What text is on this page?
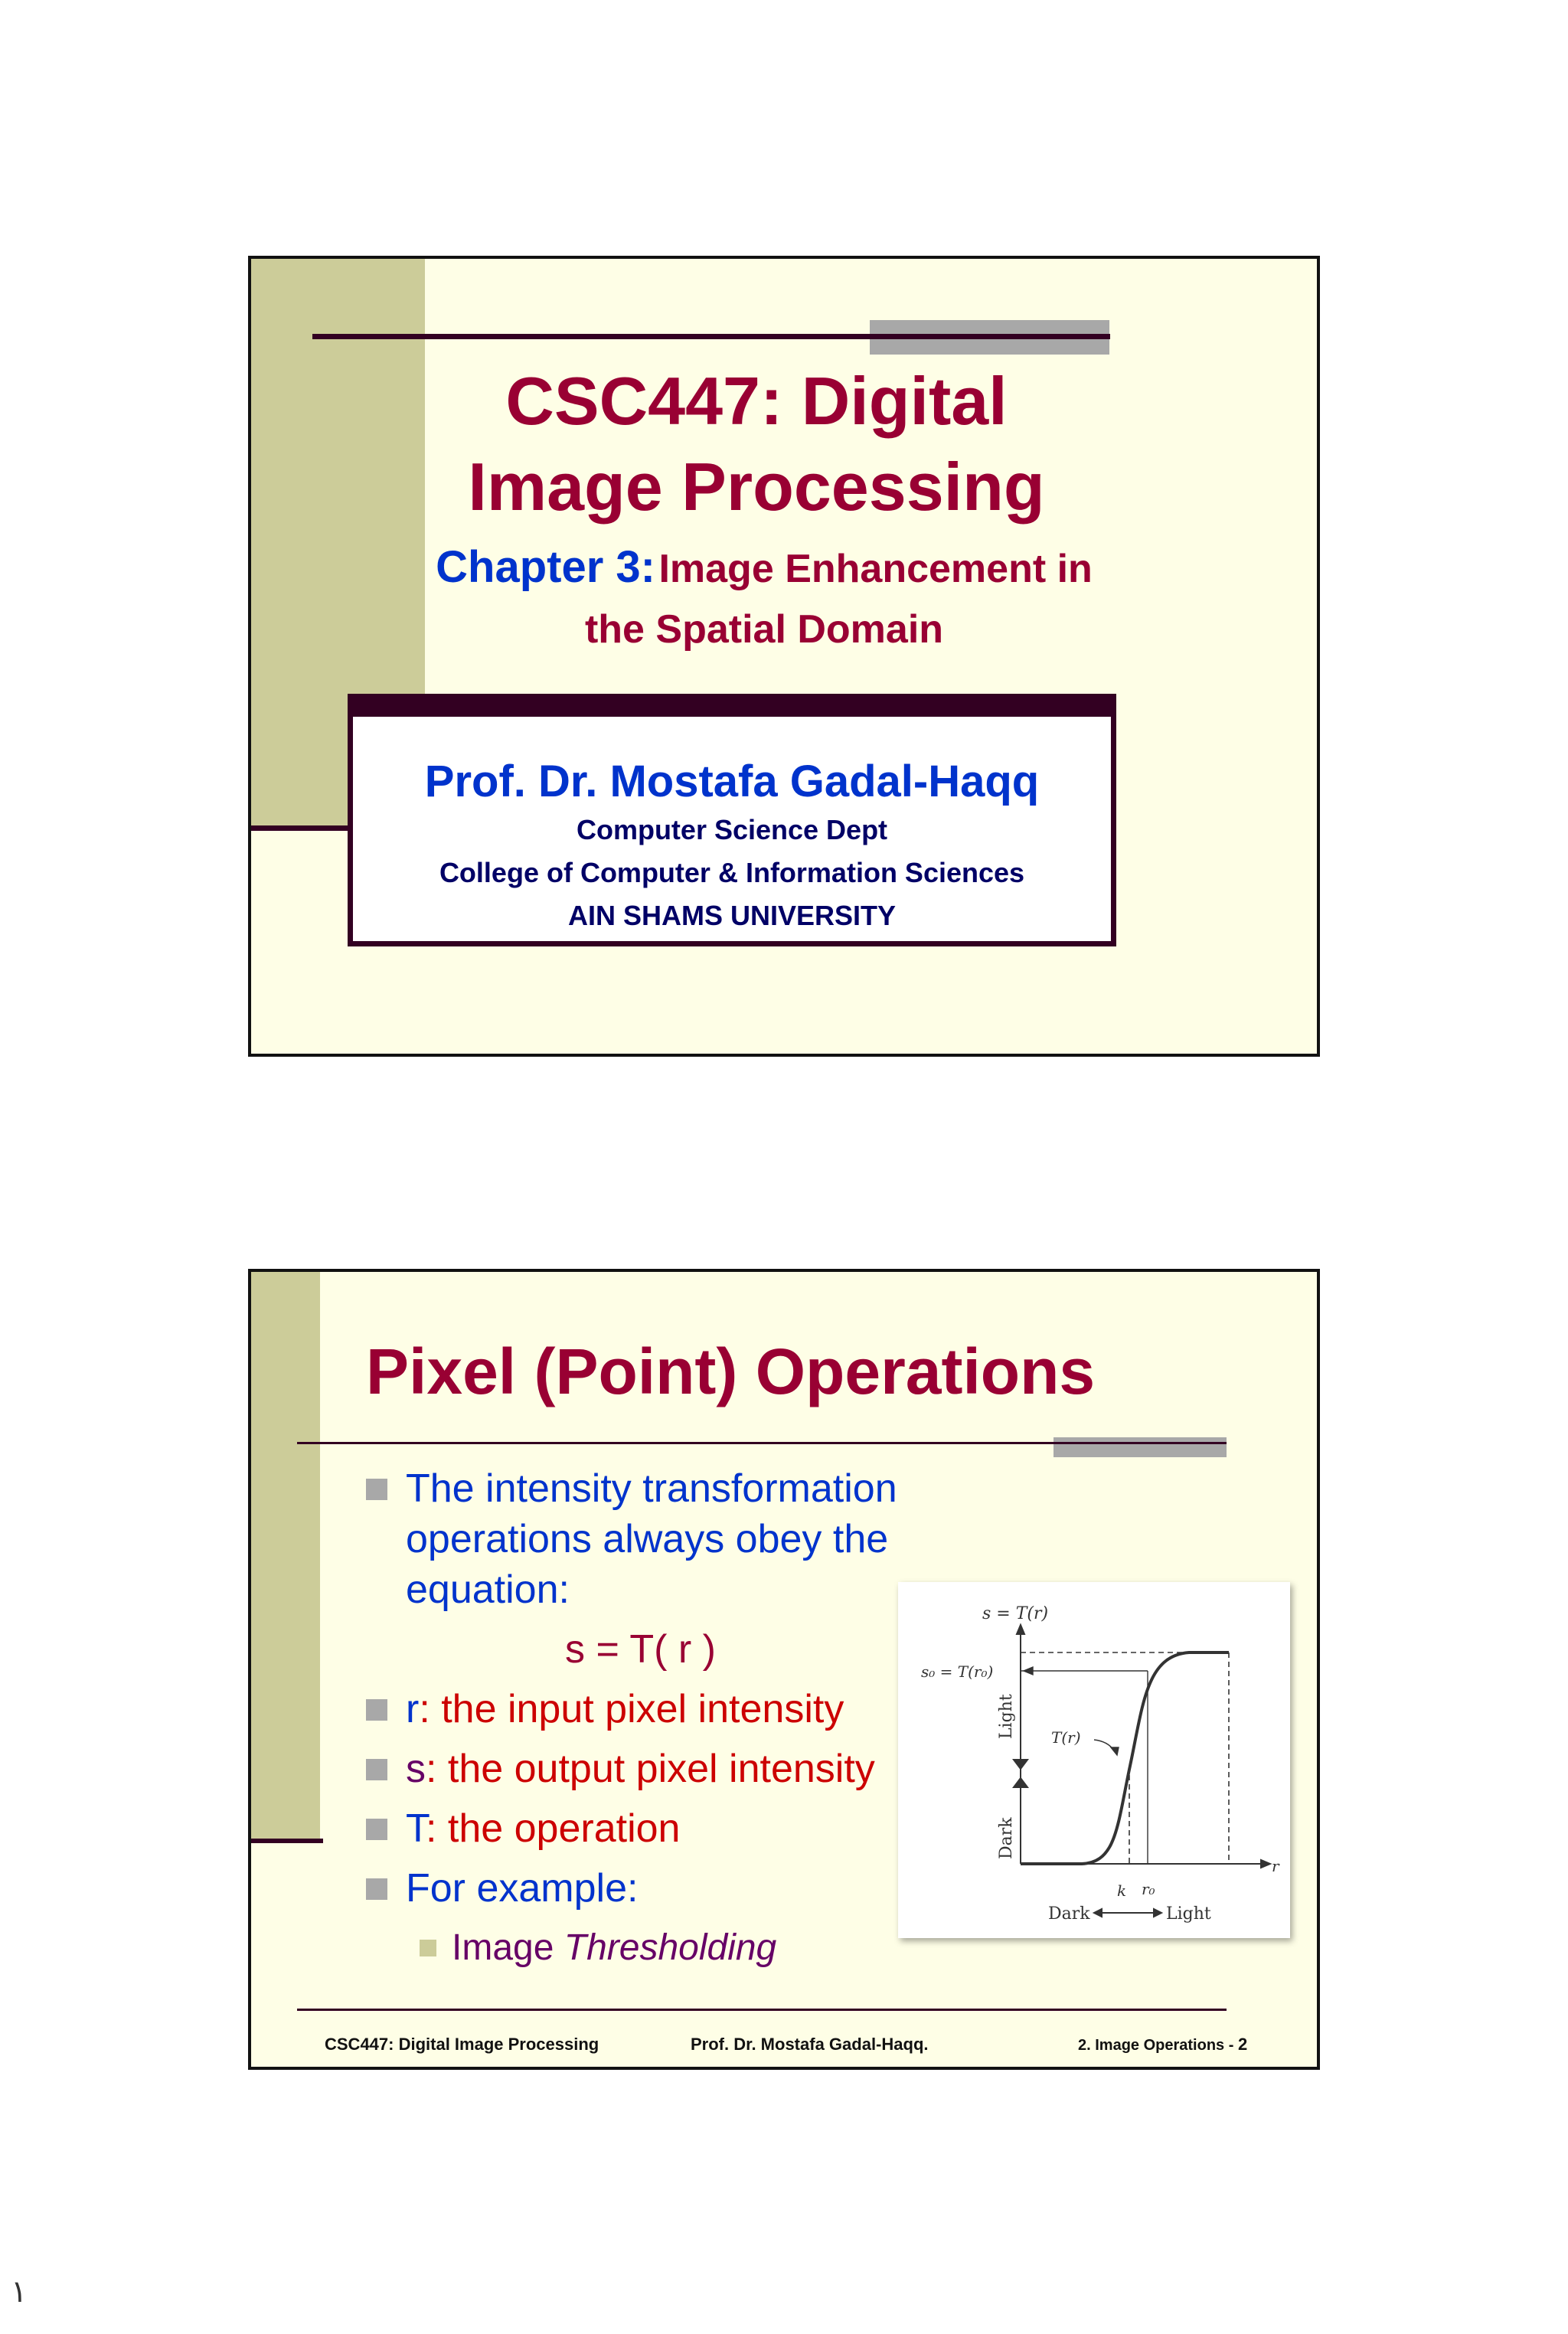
CSC447: Digital Image Processing
Chapter 3: Image Enhancement in the Spatial Domain
Prof. Dr. Mostafa Gadal-Haqq
Computer Science Dept
College of Computer & Information Sciences
AIN SHAMS UNIVERSITY
Pixel (Point) Operations
The intensity transformation operations always obey the equation:
s = T( r )
r: the input pixel intensity
s: the output pixel intensity
T: the operation
For example:
Image Thresholding
s = T(r)
s₀ = T(r₀)
T(r)
Light
Dark
k r₀
r
Dark	Light
CSC447: Digital Image Processing	Prof. Dr. Mostafa Gadal-Haqq.	2. Image Operations - 2
١
